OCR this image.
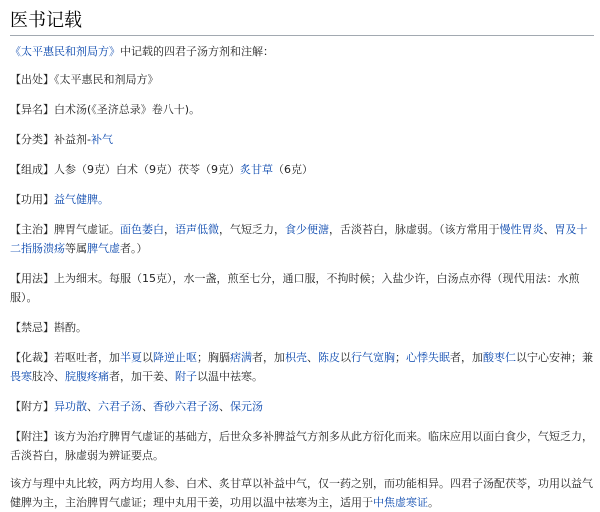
医书记载
《太平惠民和剂局方》中记载的四君子汤方剂和注解：
【出处】《太平惠民和剂局方》
【异名】白术汤(《圣济总录》卷八十)。
【分类】补益剂-补气
【组成】人参（9克）白术（9克）茯苓（9克）炙甘草（6克）
【功用】益气健脾。
【主治】脾胃气虚证。面色萎白，语声低微，气短乏力，食少便溏，舌淡苔白，脉虚弱。（该方常用于慢性胃炎、胃及十二指肠溃疡等属脾气虚者。）
【用法】上为细末。每服（15克），水一盏，煎至七分，通口服，不拘时候；入盐少许，白汤点亦得（现代用法：水煎服）。
【禁忌】斟酌。
【化裁】若呕吐者，加半夏以降逆止呕；胸膈痞满者，加枳壳、陈皮以行气宽胸；心悸失眠者，加酸枣仁以宁心安神；兼畏寒肢冷、脘腹疼痛者，加干姜、附子以温中祛寒。
【附方】异功散、六君子汤、香砂六君子汤、保元汤
【附注】该方为治疗脾胃气虚证的基础方，后世众多补脾益气方剂多从此方衍化而来。临床应用以面白食少，气短乏力，舌淡苔白，脉虚弱为辨证要点。
该方与理中丸比较，两方均用人参、白术、炙甘草以补益中气，仅一药之别，而功能相异。四君子汤配茯苓，功用以益气健脾为主，主治脾胃气虚证；理中丸用干姜，功用以温中祛寒为主，适用于中焦虚寒证。
